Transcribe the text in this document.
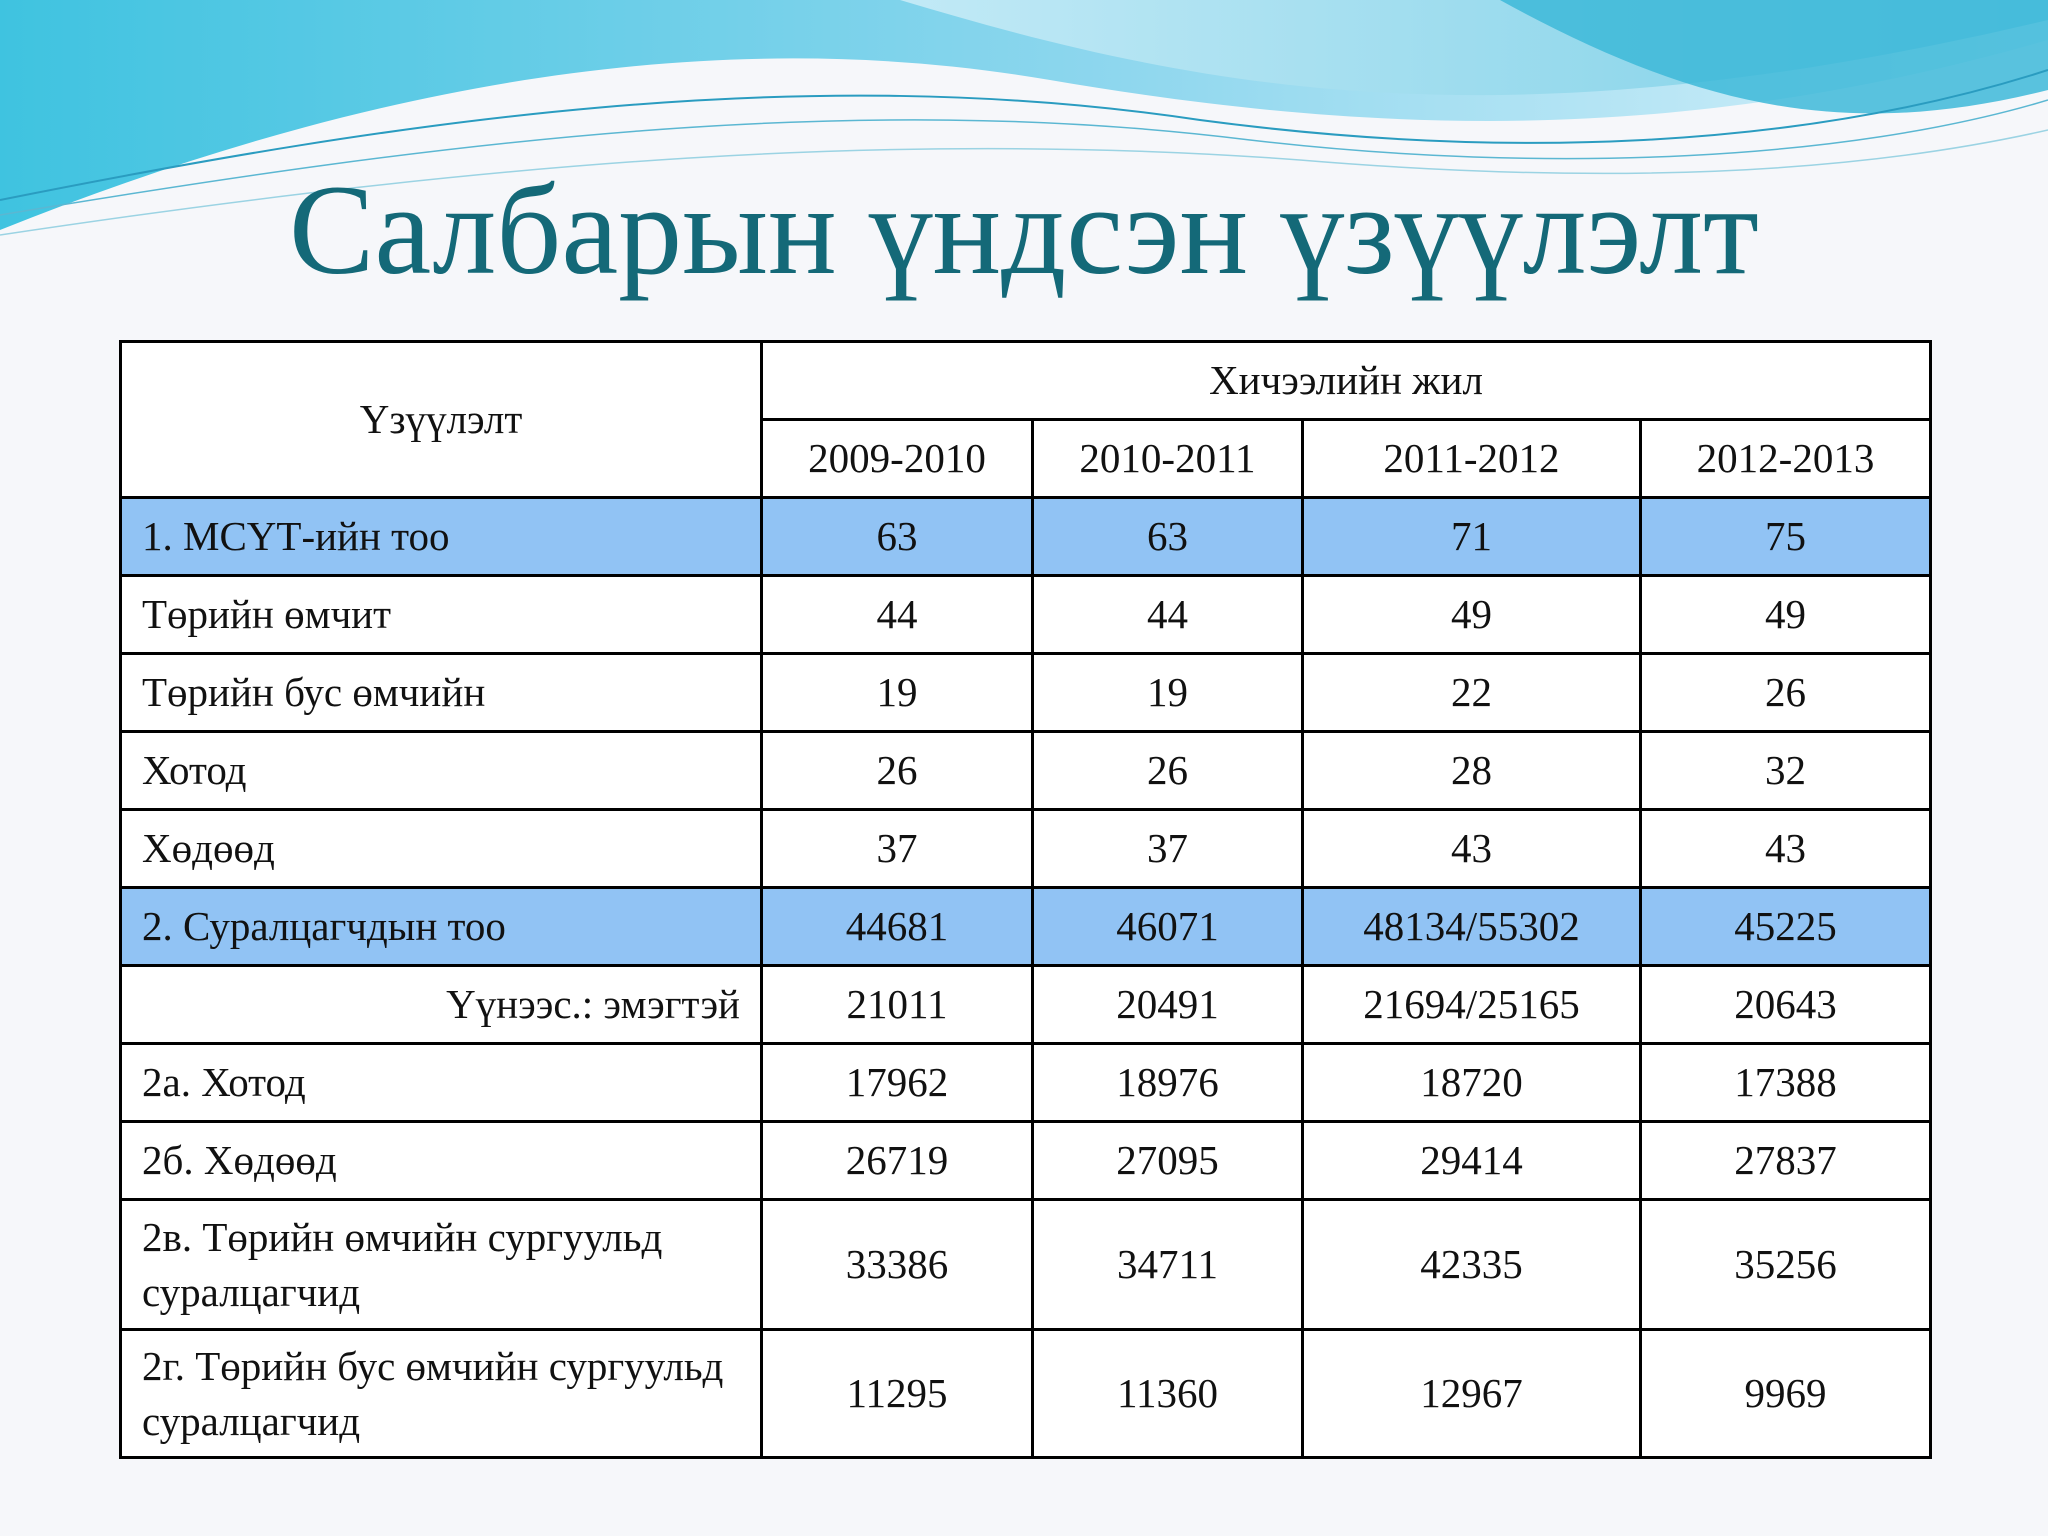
Салбарын үндсэн үзүүлэлт
Үзүүлэлт	Хичээлийн жил			
	2009-2010	2010-2011	2011-2012	2012-2013
1. МСҮТ-ийн тоо	63	63	71	75
Төрийн өмчит	44	44	49	49
Төрийн бус өмчийн	19	19	22	26
Хотод	26	26	28	32
Хөдөөд	37	37	43	43
2. Суралцагчдын тоо	44681	46071	48134/55302	45225
Үүнээс.: эмэгтэй	21011	20491	21694/25165	20643
2а. Хотод	17962	18976	18720	17388
2б. Хөдөөд	26719	27095	29414	27837
2в. Төрийн өмчийн сургуульд суралцагчид	33386	34711	42335	35256
2г. Төрийн бус өмчийн сургуульд суралцагчид	11295	11360	12967	9969
